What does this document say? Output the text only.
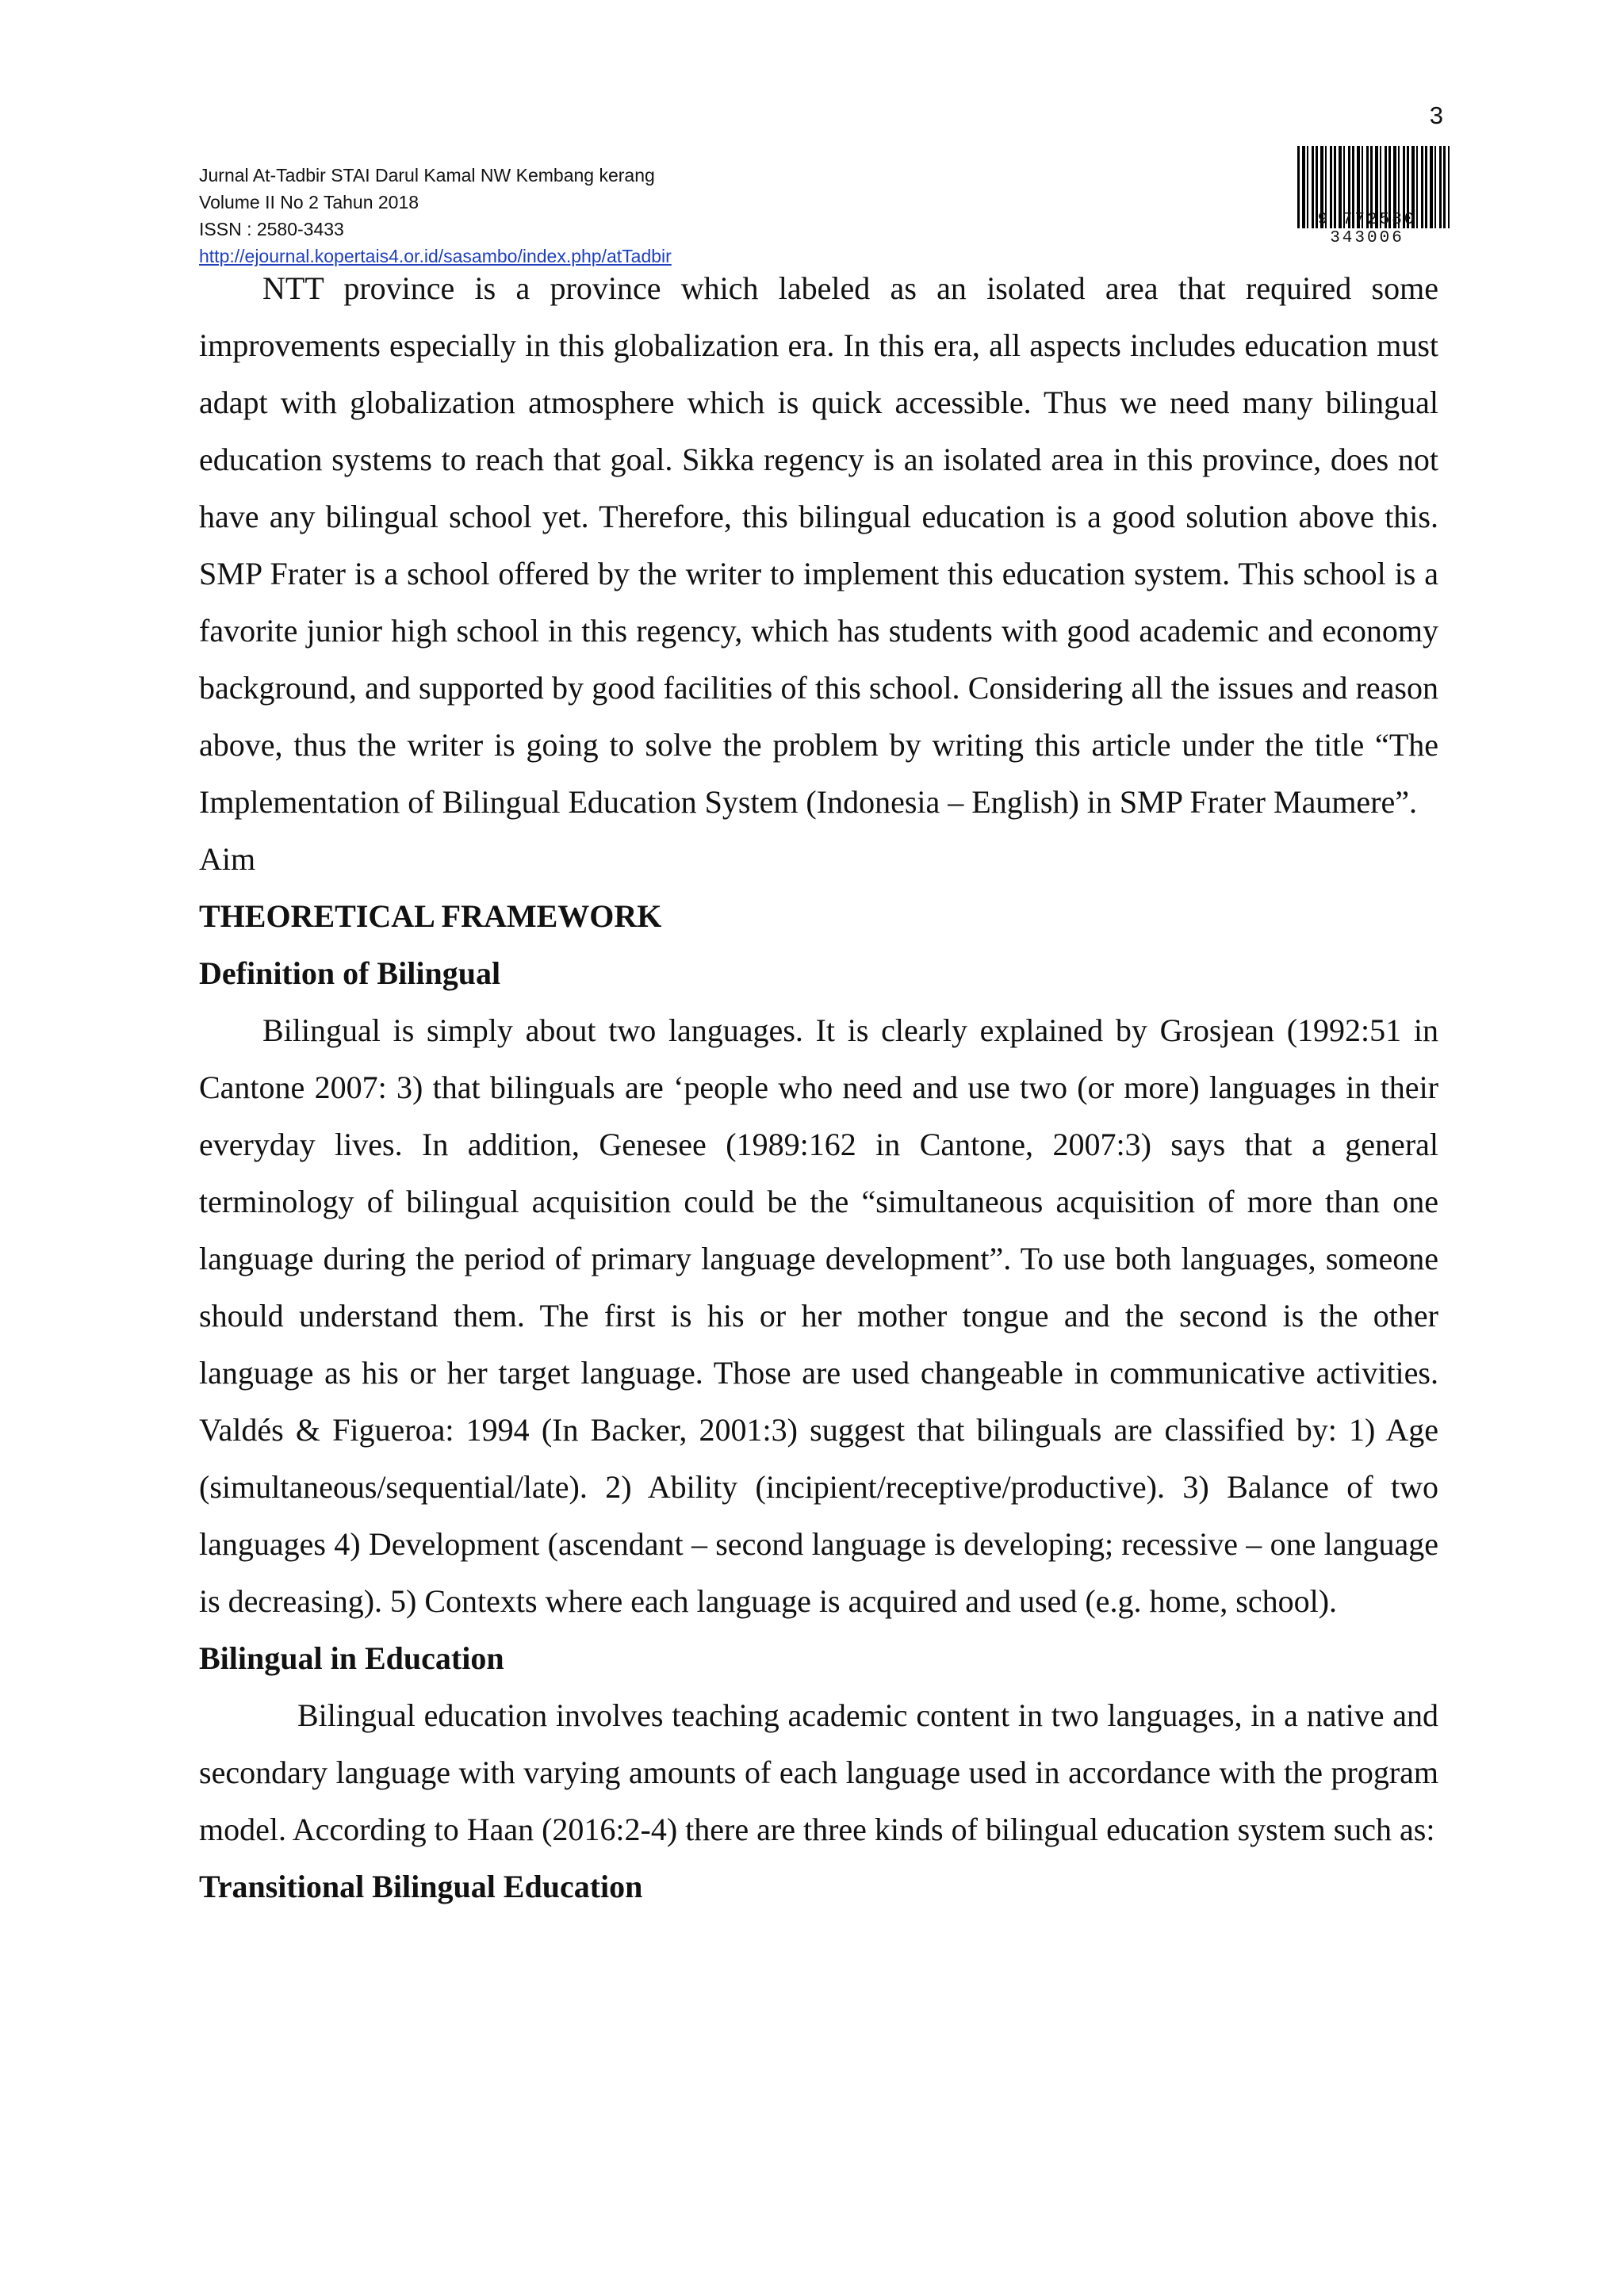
3
Jurnal At-Tadbir STAI Darul Kamal NW Kembang kerang
Volume II No 2 Tahun 2018
ISSN : 2580-3433
http://ejournal.kopertais4.or.id/sasambo/index.php/atTadbir
9 772580 343006

NTT province is a province which labeled as an isolated area that required some improvements especially in this globalization era. In this era, all aspects includes education must adapt with globalization atmosphere which is quick accessible. Thus we need many bilingual education systems to reach that goal. Sikka regency is an isolated area in this province, does not have any bilingual school yet. Therefore, this bilingual education is a good solution above this. SMP Frater is a school offered by the writer to implement this education system. This school is a favorite junior high school in this regency, which has students with good academic and economy background, and supported by good facilities of this school. Considering all the issues and reason above, thus the writer is going to solve the problem by writing this article under the title “The Implementation of Bilingual Education System (Indonesia – English) in SMP Frater Maumere”.

Aim

THEORETICAL FRAMEWORK

Definition of Bilingual

Bilingual is simply about two languages. It is clearly explained by Grosjean (1992:51 in Cantone 2007: 3) that bilinguals are ‘people who need and use two (or more) languages in their everyday lives. In addition, Genesee (1989:162 in Cantone, 2007:3) says that a general terminology of bilingual acquisition could be the “simultaneous acquisition of more than one language during the period of primary language development”. To use both languages, someone should understand them. The first is his or her mother tongue and the second is the other language as his or her target language. Those are used changeable in communicative activities. Valdés & Figueroa: 1994 (In Backer, 2001:3) suggest that bilinguals are classified by: 1) Age (simultaneous/sequential/late). 2) Ability (incipient/receptive/productive). 3) Balance of two languages 4) Development (ascendant – second language is developing; recessive – one language is decreasing). 5) Contexts where each language is acquired and used (e.g. home, school).

Bilingual in Education

Bilingual education involves teaching academic content in two languages, in a native and secondary language with varying amounts of each language used in accordance with the program model. According to Haan (2016:2-4) there are three kinds of bilingual education system such as:

Transitional Bilingual Education
